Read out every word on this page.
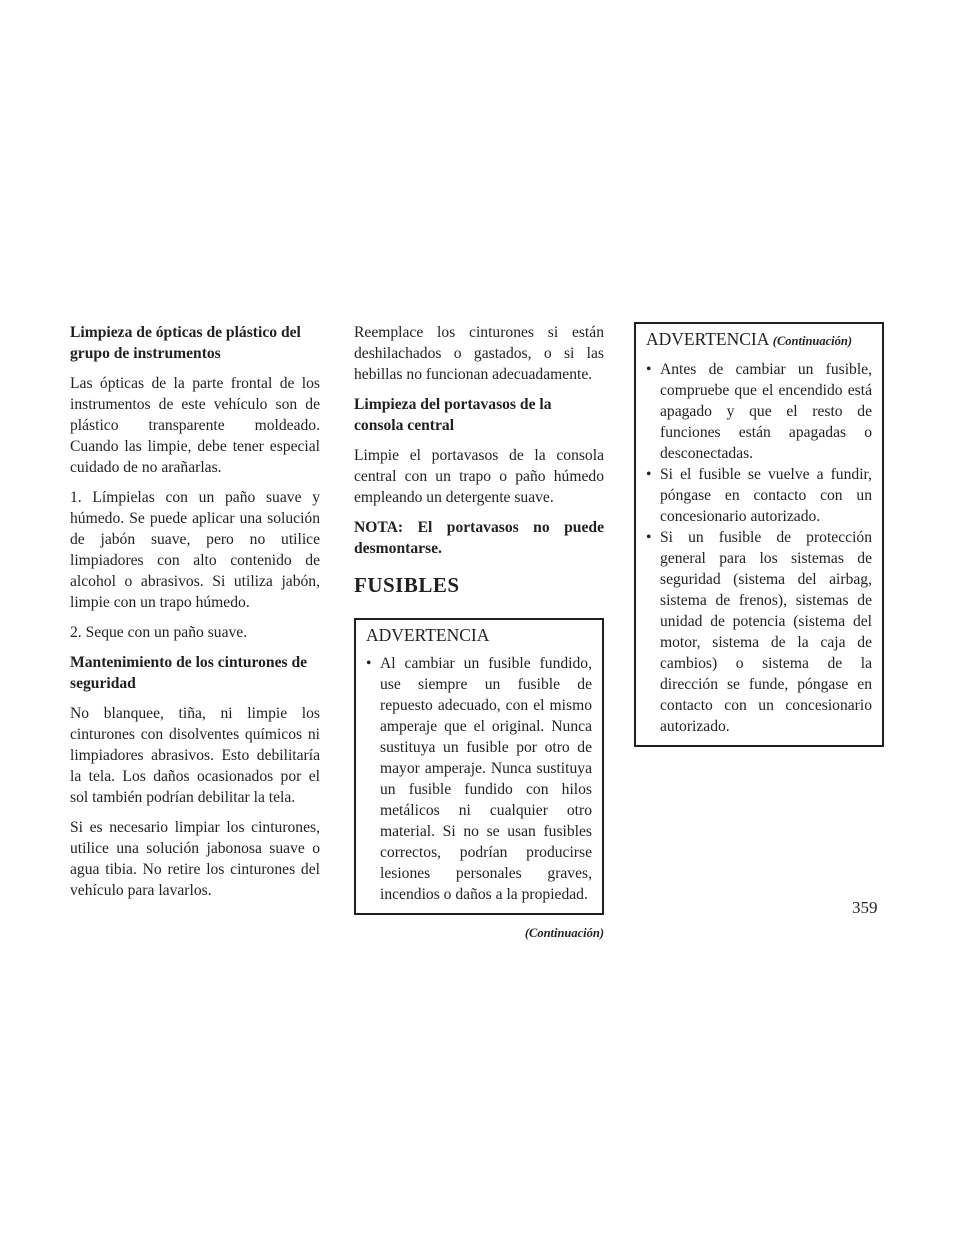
Limpieza de ópticas de plástico del grupo de instrumentos
Las ópticas de la parte frontal de los instrumentos de este vehículo son de plástico transparente moldeado. Cuando las limpie, debe tener especial cuidado de no arañarlas.
1. Límpielas con un paño suave y húmedo. Se puede aplicar una solución de jabón suave, pero no utilice limpiadores con alto contenido de alcohol o abrasivos. Si utiliza jabón, limpie con un trapo húmedo.
2. Seque con un paño suave.
Mantenimiento de los cinturones de seguridad
No blanquee, tiña, ni limpie los cinturones con disolventes químicos ni limpiadores abrasivos. Esto debilitaría la tela. Los daños ocasionados por el sol también podrían debilitar la tela.
Si es necesario limpiar los cinturones, utilice una solución jabonosa suave o agua tibia. No retire los cinturones del vehículo para lavarlos.
Reemplace los cinturones si están deshilachados o gastados, o si las hebillas no funcionan adecuadamente.
Limpieza del portavasos de la consola central
Limpie el portavasos de la consola central con un trapo o paño húmedo empleando un detergente suave.
NOTA: El portavasos no puede desmontarse.
FUSIBLES
ADVERTENCIA
• Al cambiar un fusible fundido, use siempre un fusible de repuesto adecuado, con el mismo amperaje que el original. Nunca sustituya un fusible por otro de mayor amperaje. Nunca sustituya un fusible fundido con hilos metálicos ni cualquier otro material. Si no se usan fusibles correctos, podrían producirse lesiones personales graves, incendios o daños a la propiedad.
(Continuación)
ADVERTENCIA (Continuación)
• Antes de cambiar un fusible, compruebe que el encendido está apagado y que el resto de funciones están apagadas o desconectadas.
• Si el fusible se vuelve a fundir, póngase en contacto con un concesionario autorizado.
• Si un fusible de protección general para los sistemas de seguridad (sistema del airbag, sistema de frenos), sistemas de unidad de potencia (sistema del motor, sistema de la caja de cambios) o sistema de la dirección se funde, póngase en contacto con un concesionario autorizado.
359
